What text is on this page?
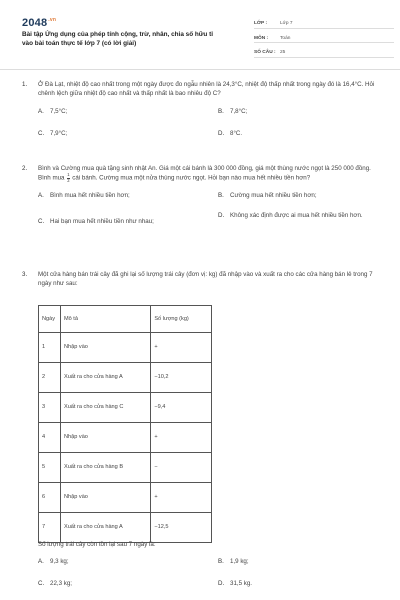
$2048^{.vn}$
Bài tập Ứng dụng của phép tính cộng, trừ, nhân, chia số hữu tỉ vào bài toán thực tế lớp 7 (có lời giải)
LỚP :	Lớp 7
MÔN :	Toán
SỐ CÂU : 25
1.	Ở Đà Lạt, nhiệt độ cao nhất trong một ngày được đo ngẫu nhiên là 24,3°C, nhiệt độ thấp nhất trong ngày đó là 16,4°C. Hỏi chênh lệch giữa nhiệt độ cao nhất và thấp nhất là bao nhiêu độ C?
A. 7,5°C;	B. 7,8°C;
C. 7,9°C;	D. 8°C.
2.	Bình và Cường mua quà tặng sinh nhật An. Giá một cái bánh là 300 000 đồng, giá một thùng nước ngọt là 250 000 đồng. Bình mua $\frac{1}{2}$ cái bánh. Cường mua một nửa thùng nước ngọt. Hỏi bạn nào mua hết nhiều tiền hơn?
A. Bình mua hết nhiều tiền hơn;	B. Cường mua hết nhiều tiền hơn;
C. Hai bạn mua hết nhiều tiền như nhau;
D. Không xác định được ai mua hết nhiều tiền hơn.
3.	Một cửa hàng bán trái cây đã ghi lại số lượng trái cây (đơn vị: kg) đã nhập vào và xuất ra cho các cửa hàng bán lẻ trong 7 ngày như sau:
Ngày	Mô tả	Số lượng (kg)
1	Nhập vào	+
2	Xuất ra cho cửa hàng A	−10,2
3	Xuất ra cho cửa hàng C	−9,4
4	Nhập vào	+
5	Xuất ra cho cửa hàng B	−
6	Nhập vào	+
7	Xuất ra cho cửa hàng A	−12,5
Số lượng trái cây còn tồn lại sau 7 ngày là:
A. 9,3 kg;	B. 1,9 kg;
C. 22,3 kg;	D. 31,5 kg.
